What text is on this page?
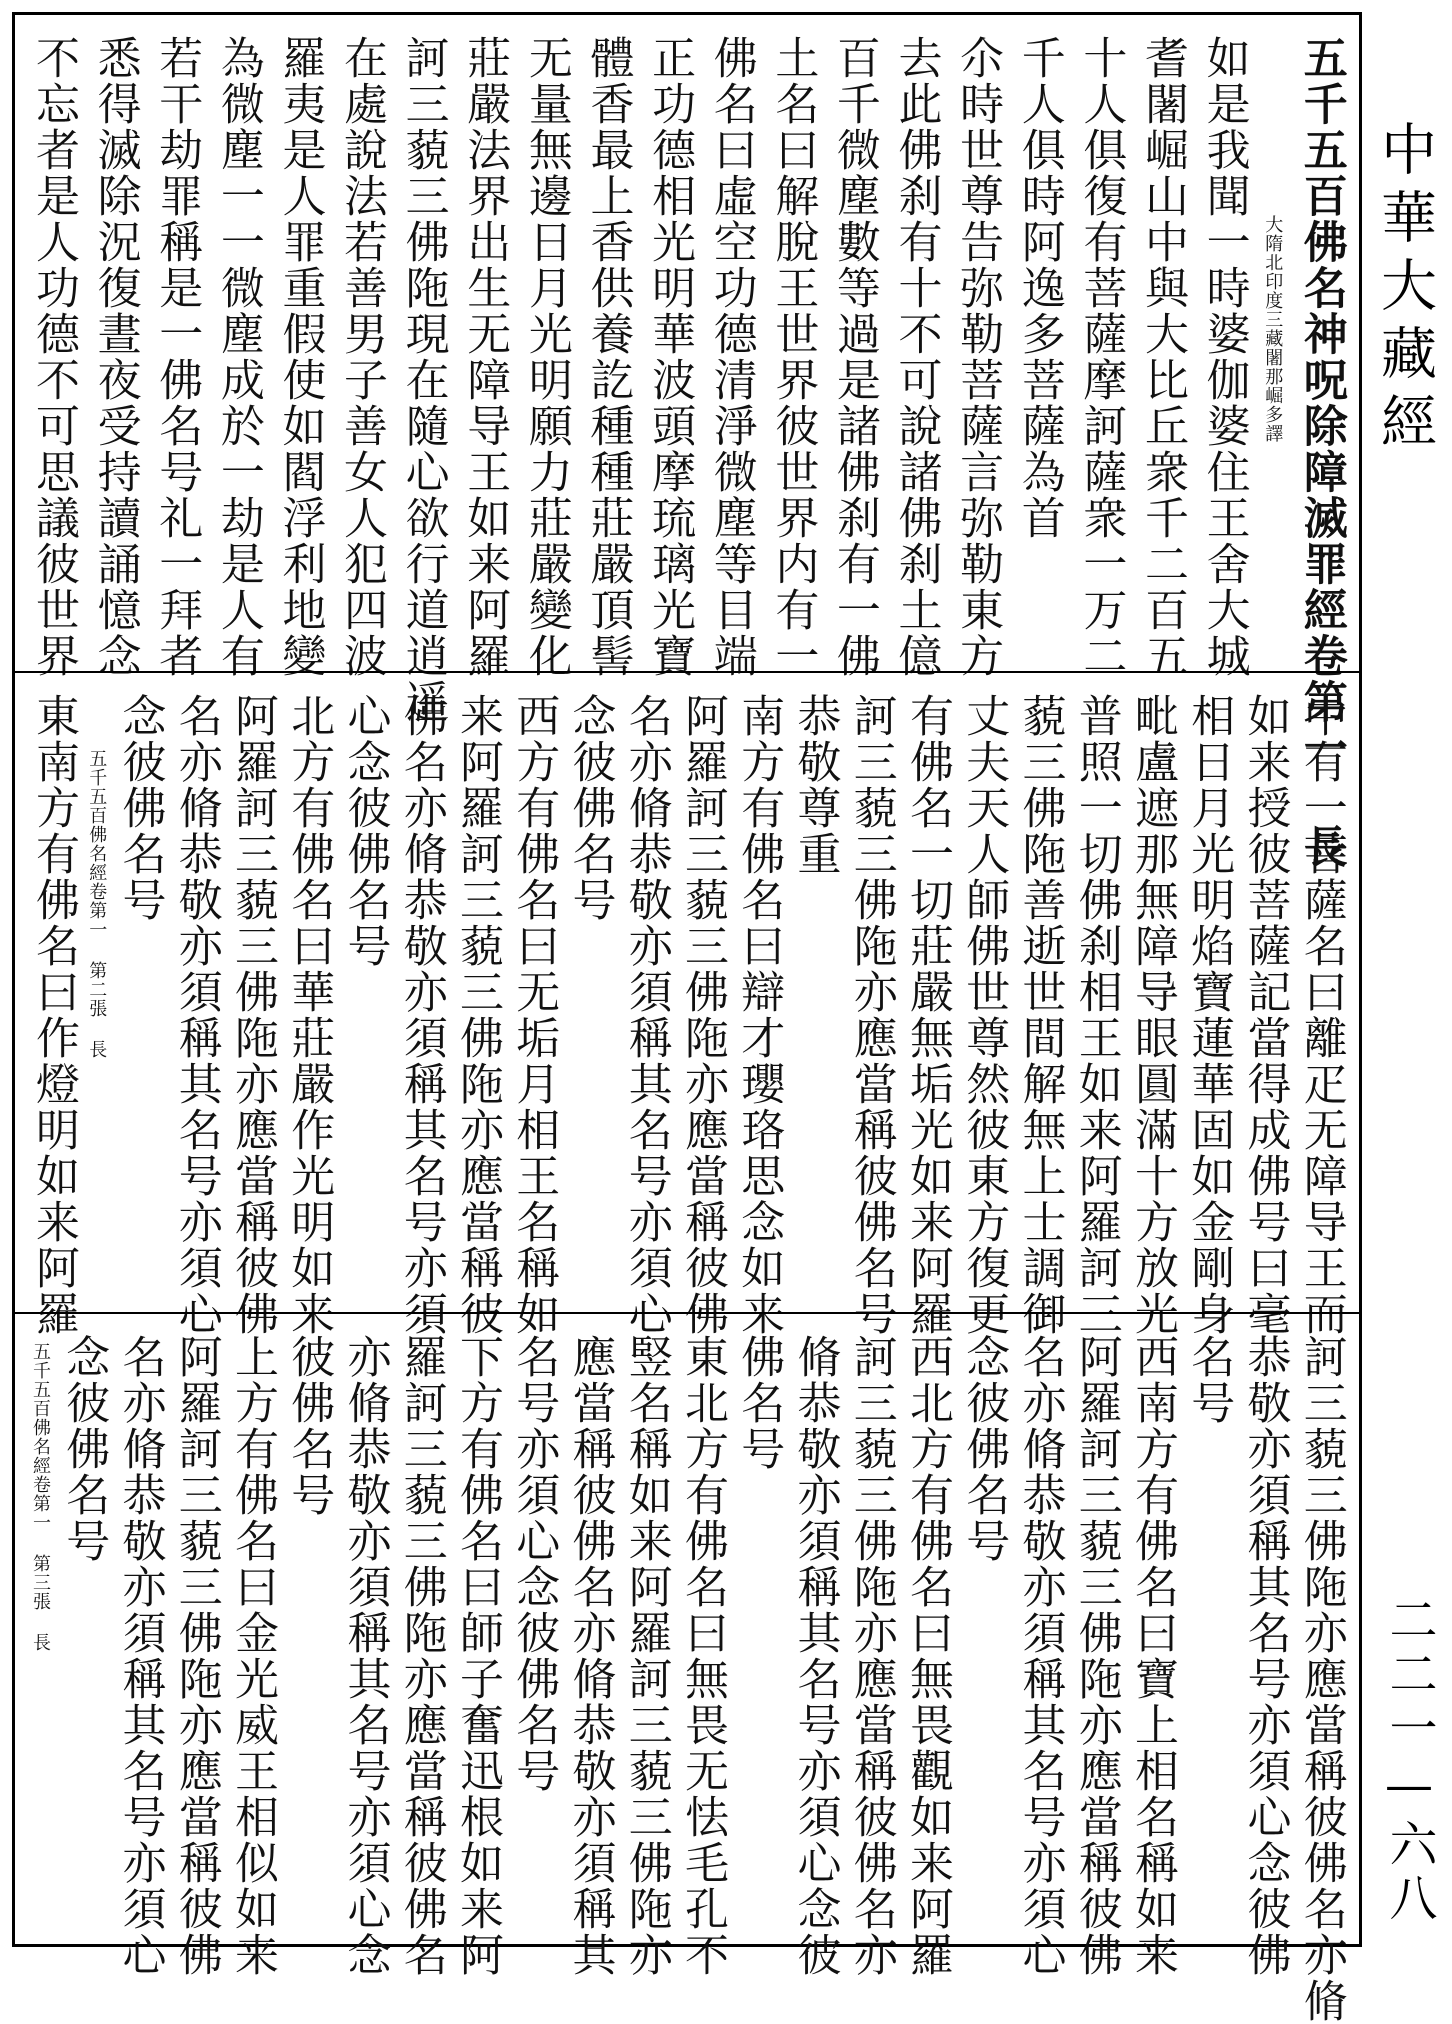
五千五百佛名神呪除障滅罪經卷第一 長
大隋北印度三藏闍那崛多譯
如是我聞一時婆伽婆住王舍大城
耆闍崛山中與大比丘衆千二百五
十人俱復有菩薩摩訶薩衆一万二
千人俱時阿逸多菩薩為首
尒時世尊告弥勒菩薩言弥勒東方
去此佛刹有十不可說諸佛刹土億
百千微塵數等過是諸佛刹有一佛
土名曰解脫王世界彼世界内有一
佛名曰虛空功德清淨微塵等目端
正功德相光明華波頭摩琉璃光寶
體香最上香供養訖種種莊嚴頂髻
无量無邊日月光明願力莊嚴變化
莊嚴法界出生无障导王如来阿羅
訶三藐三佛陁現在隨心欲行道逍遥
在處說法若善男子善女人犯四波
羅夷是人罪重假使如閻浮利地變
為微塵一一微塵成於一劫是人有
若干劫罪稱是一佛名号礼一拜者
悉得滅除況復晝夜受持讀誦憶念
不忘者是人功德不可思議彼世界
中有一菩薩名曰離疋无障导王而
如来授彼菩薩記當得成佛号曰毫
相日月光明焰寶蓮華固如金剛身
毗盧遮那無障导眼圓滿十方放光
普照一切佛刹相王如来阿羅訶三
藐三佛陁善逝世間解無上士調御
丈夫天人師佛世尊然彼東方復更
有佛名一切莊嚴無垢光如来阿羅
訶三藐三佛陁亦應當稱彼佛名号
恭敬尊重
南方有佛名曰辯才瓔珞思念如来
阿羅訶三藐三佛陁亦應當稱彼佛
名亦脩恭敬亦須稱其名号亦須心
念彼佛名号
西方有佛名曰无垢月相王名稱如
来阿羅訶三藐三佛陁亦應當稱彼
佛名亦脩恭敬亦須稱其名号亦須
心念彼佛名号
北方有佛名曰華莊嚴作光明如来
阿羅訶三藐三佛陁亦應當稱彼佛
名亦脩恭敬亦須稱其名号亦須心
念彼佛名号
五千五百佛名經卷第一 第二張 長
東南方有佛名曰作燈明如来阿羅
訶三藐三佛陁亦應當稱彼佛名亦脩
恭敬亦須稱其名号亦須心念彼佛
名号
西南方有佛名曰寶上相名稱如来
阿羅訶三藐三佛陁亦應當稱彼佛
名亦脩恭敬亦須稱其名号亦須心
念彼佛名号
西北方有佛名曰無畏觀如来阿羅
訶三藐三佛陁亦應當稱彼佛名亦
脩恭敬亦須稱其名号亦須心念彼
佛名号
東北方有佛名曰無畏无怯毛孔不
竪名稱如来阿羅訶三藐三佛陁亦
應當稱彼佛名亦脩恭敬亦須稱其
名号亦須心念彼佛名号
下方有佛名曰師子奮迅根如来阿
羅訶三藐三佛陁亦應當稱彼佛名
亦脩恭敬亦須稱其名号亦須心念
彼佛名号
上方有佛名曰金光威王相似如来
阿羅訶三藐三佛陁亦應當稱彼佛
名亦脩恭敬亦須稱其名号亦須心
念彼佛名号
五千五百佛名經卷第一 第三張 長
中華大藏經
二二一—六八
